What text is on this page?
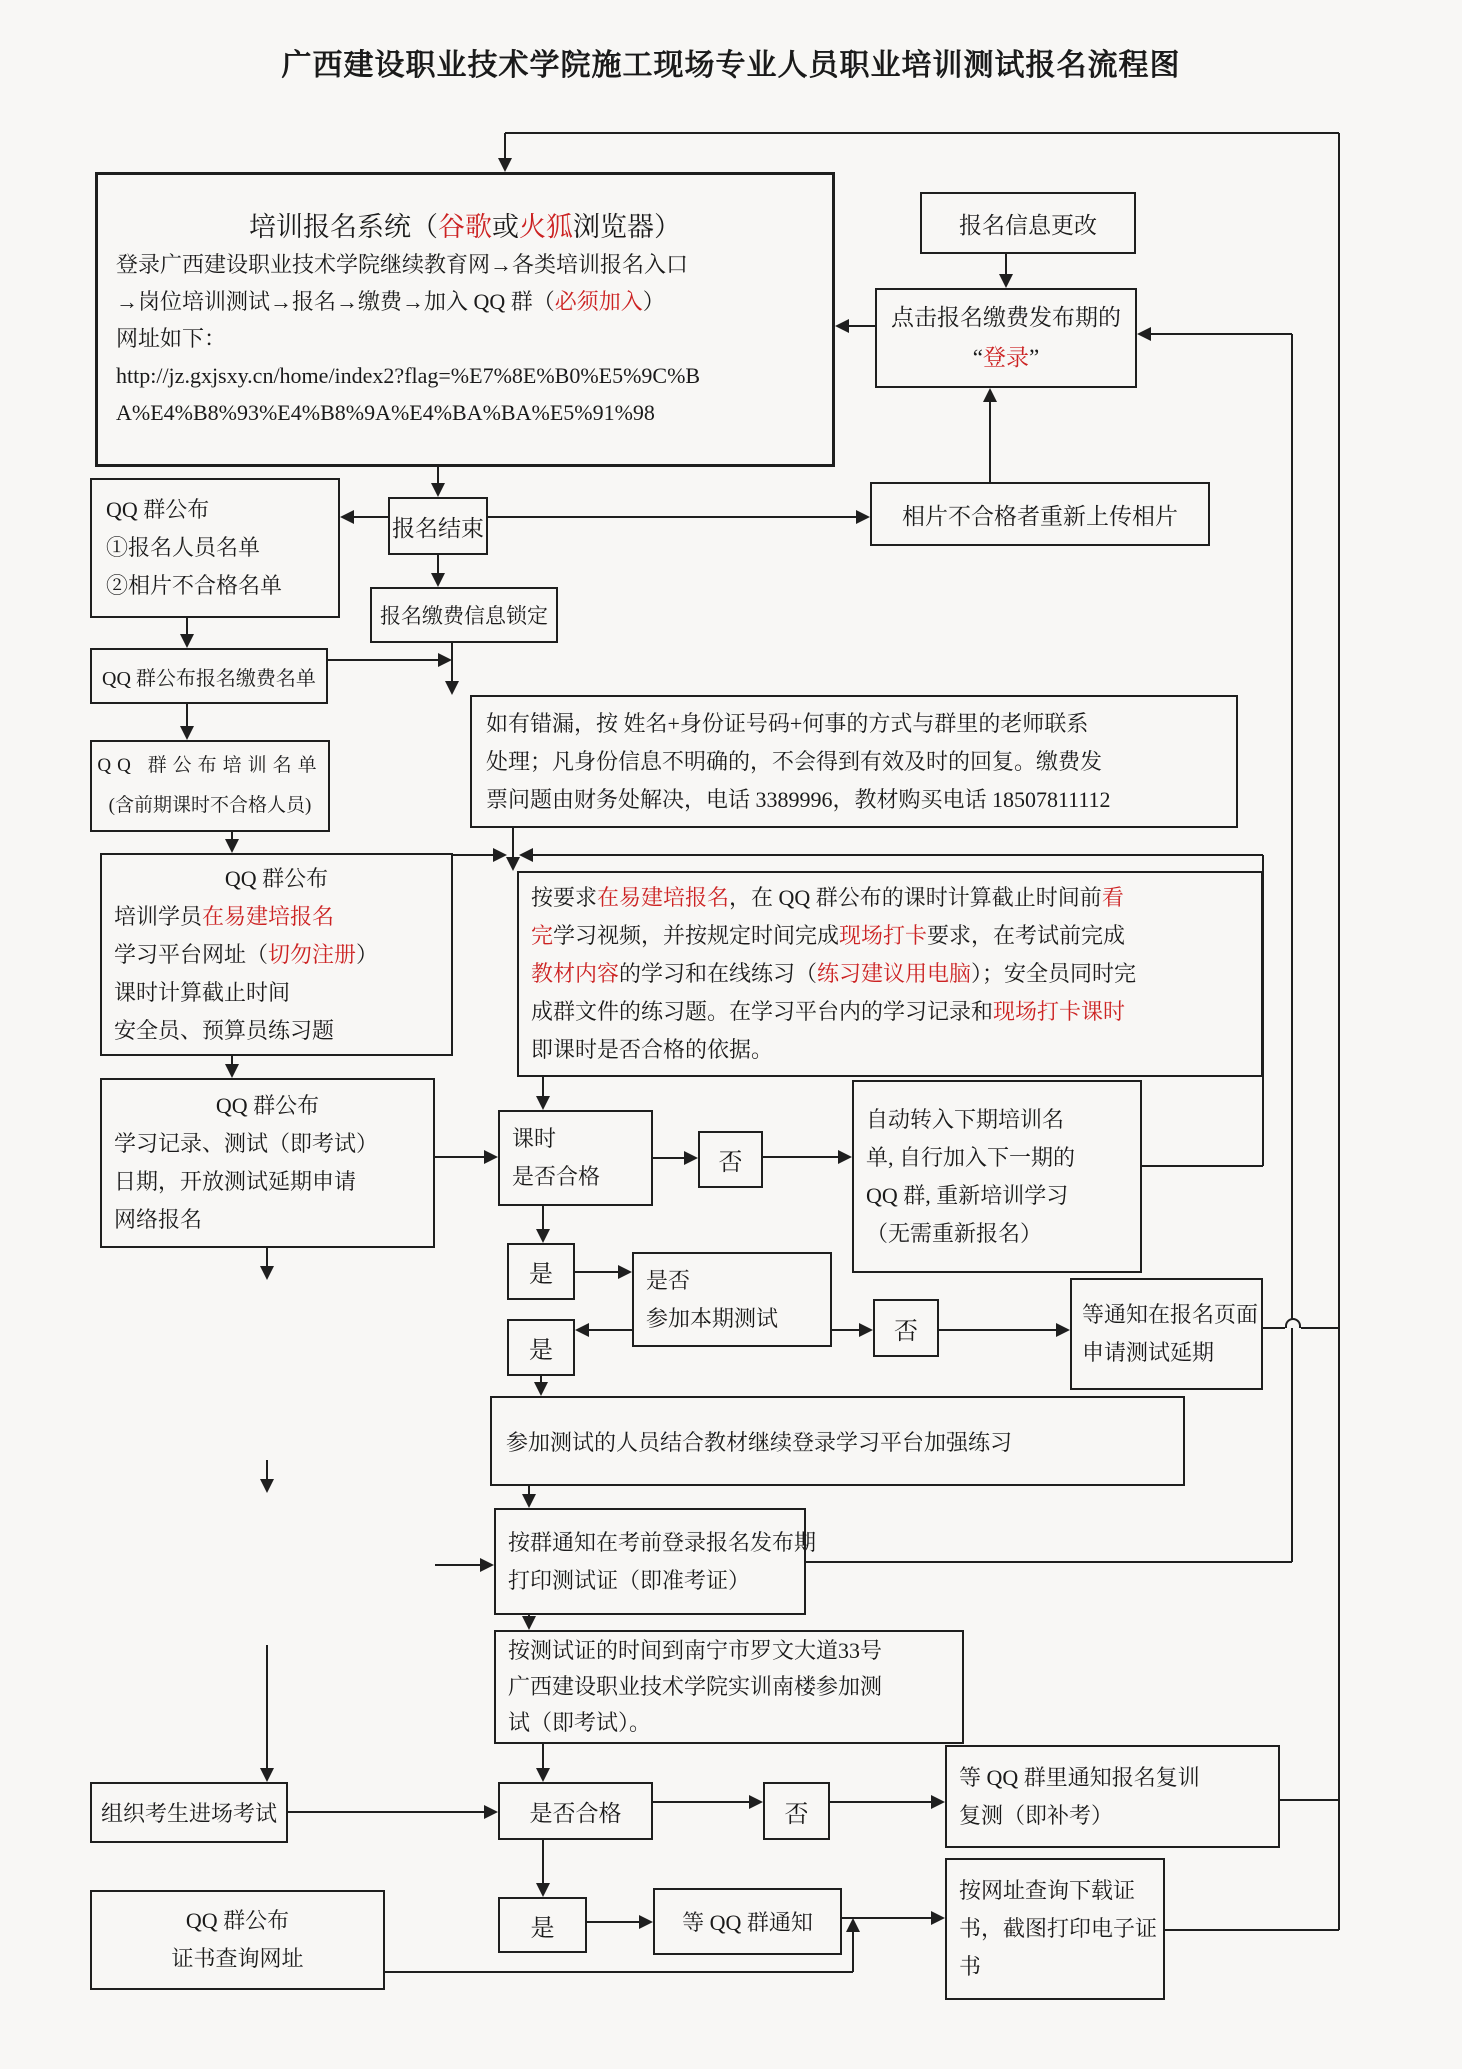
广西建设职业技术学院施工现场专业人员职业培训测试报名流程图
培训报名系统（谷歌或火狐浏览器）
登录广西建设职业技术学院继续教育网→各类培训报名入口
→岗位培训测试→报名→缴费→加入 QQ 群（必须加入）
网址如下：
http://jz.gxjsxy.cn/home/index2?flag=%E7%8E%B0%E5%9C%B
A%E4%B8%93%E4%B8%9A%E4%BA%BA%E5%91%98
报名信息更改
点击报名缴费发布期的
“登录”
相片不合格者重新上传相片
QQ 群公布
①报名人员名单
②相片不合格名单
报名结束
报名缴费信息锁定
QQ 群公布报名缴费名单
QQ 群公布培训名单
(含前期课时不合格人员)
如有错漏，按 姓名+身份证号码+何事的方式与群里的老师联系
处理；凡身份信息不明确的，不会得到有效及时的回复。缴费发
票问题由财务处解决，电话 3389996，教材购买电话 18507811112
QQ 群公布
培训学员在易建培报名
学习平台网址（切勿注册）
课时计算截止时间
安全员、预算员练习题
按要求在易建培报名，在 QQ 群公布的课时计算截止时间前看
完学习视频，并按规定时间完成现场打卡要求，在考试前完成
教材内容的学习和在线练习（练习建议用电脑）；安全员同时完
成群文件的练习题。在学习平台内的学习记录和现场打卡课时
即课时是否合格的依据。
QQ 群公布
学习记录、测试（即考试）
日期，开放测试延期申请
网络报名
课时
是否合格
否
自动转入下期培训名
单, 自行加入下一期的
QQ 群, 重新培训学习
（无需重新报名）
是	是否
参加本期测试
是
否
等通知在报名页面
申请测试延期
参加测试的人员结合教材继续登录学习平台加强练习
按群通知在考前登录报名发布期
打印测试证（即准考证）
按测试证的时间到南宁市罗文大道33号
广西建设职业技术学院实训南楼参加测
试（即考试）。
组织考生进场考试	是否合格	否
等 QQ 群里通知报名复训
复测（即补考）
是	等 QQ 群通知
按网址查询下载证
书，截图打印电子证
书
QQ 群公布
证书查询网址
